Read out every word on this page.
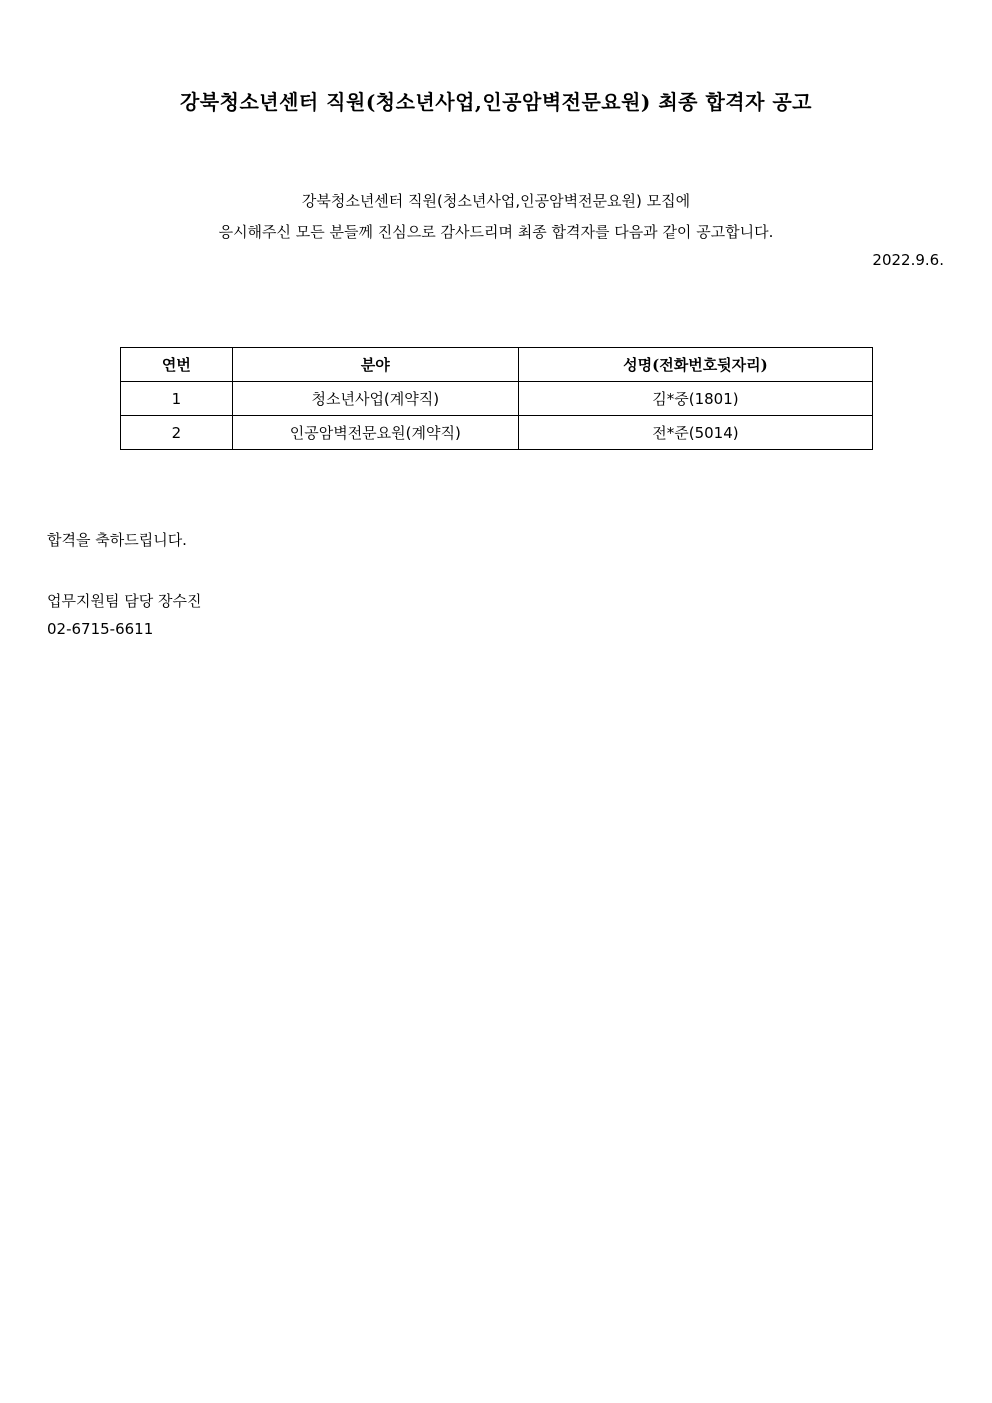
강북청소년센터 직원(청소년사업,인공암벽전문요원) 최종 합격자 공고

강북청소년센터 직원(청소년사업,인공암벽전문요원) 모집에

응시해주신 모든 분들께 진심으로 감사드리며 최종 합격자를 다음과 같이 공고합니다.

2022.9.6.

연번	분야	성명(전화번호뒷자리)
1	청소년사업(계약직)	김*중(1801)
2	인공암벽전문요원(계약직)	전*준(5014)

합격을 축하드립니다.

업무지원팀 담당 장수진

02-6715-6611
